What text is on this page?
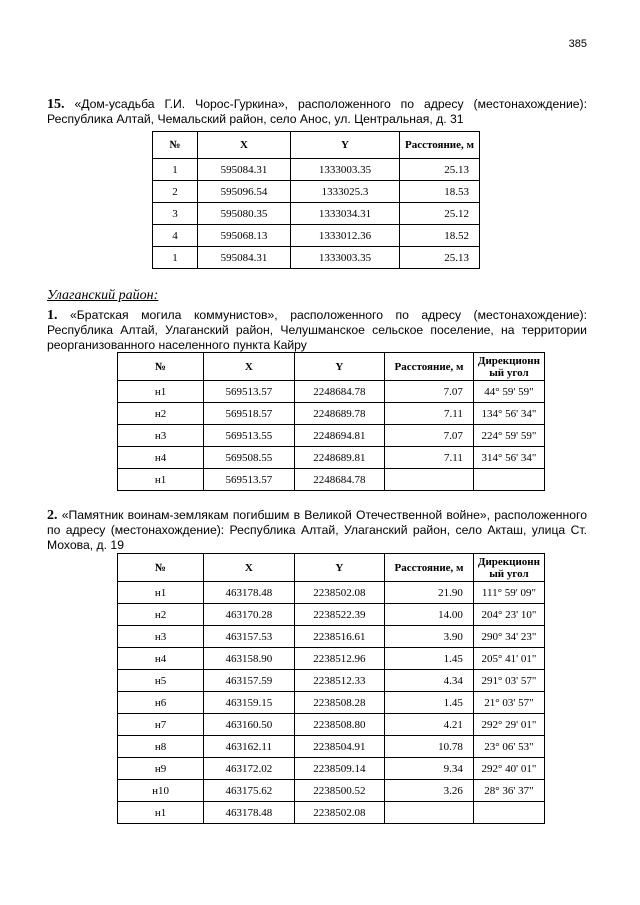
385
15. «Дом-усадьба Г.И. Чорос-Гуркина», расположенного по адресу (местонахождение): Республика Алтай, Чемальский район, село Анос, ул. Центральная, д. 31
№	X	Y	Расстояние, м
1	595084.31	1333003.35	25.13
2	595096.54	1333025.3	18.53
3	595080.35	1333034.31	25.12
4	595068.13	1333012.36	18.52
1	595084.31	1333003.35	25.13
Улаганский район:
1. «Братская могила коммунистов», расположенного по адресу (местонахождение): Республика Алтай, Улаганский район, Челушманское сельское поселение, на территории реорганизованного населенного пункта Кайру
№	X	Y	Расстояние, м	Дирекционн ый угол
н1	569513.57	2248684.78	7.07	44° 59' 59"
н2	569518.57	2248689.78	7.11	134° 56' 34"
н3	569513.55	2248694.81	7.07	224° 59' 59"
н4	569508.55	2248689.81	7.11	314° 56' 34"
н1	569513.57	2248684.78		
2. «Памятник воинам-землякам погибшим в Великой Отечественной войне», расположенного по адресу (местонахождение): Республика Алтай, Улаганский район, село Акташ, улица Ст. Мохова, д. 19
№	X	Y	Расстояние, м	Дирекционн ый угол
н1	463178.48	2238502.08	21.90	111° 59' 09"
н2	463170.28	2238522.39	14.00	204° 23' 10"
н3	463157.53	2238516.61	3.90	290° 34' 23"
н4	463158.90	2238512.96	1.45	205° 41' 01"
н5	463157.59	2238512.33	4.34	291° 03' 57"
н6	463159.15	2238508.28	1.45	21° 03' 57"
н7	463160.50	2238508.80	4.21	292° 29' 01"
н8	463162.11	2238504.91	10.78	23° 06' 53"
н9	463172.02	2238509.14	9.34	292° 40' 01"
н10	463175.62	2238500.52	3.26	28° 36' 37"
н1	463178.48	2238502.08		
